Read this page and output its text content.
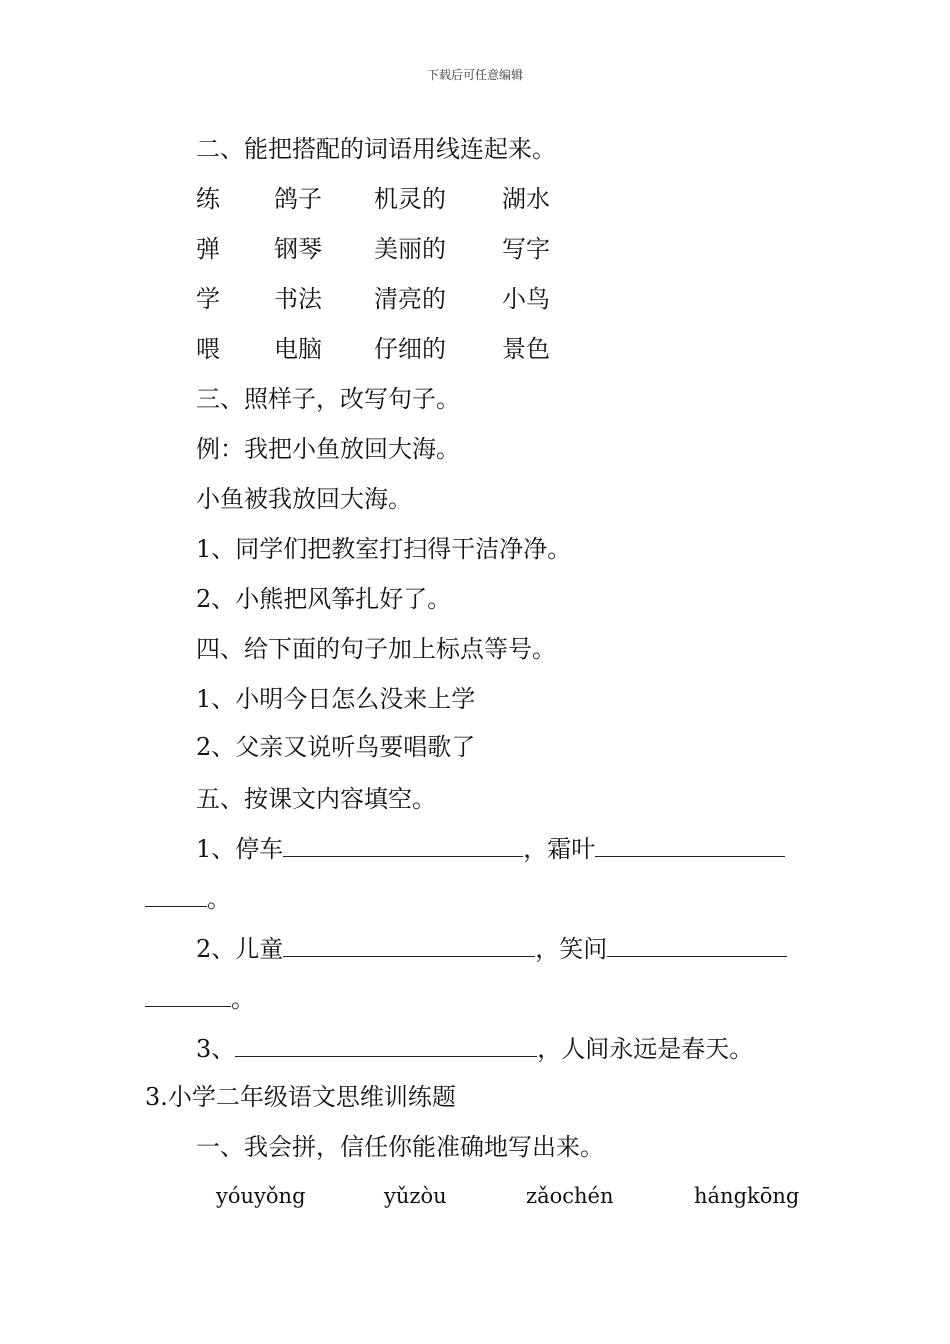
下载后可任意编辑
二、能把搭配的词语用线连起来。
练 鸽子 机灵的 湖水
弹 钢琴 美丽的 写字
学 书法 清亮的 小鸟
喂 电脑 仔细的 景色
三、照样子，改写句子。
例：我把小鱼放回大海。
小鱼被我放回大海。
1、同学们把教室打扫得干洁净净。
2、小熊把风筝扎好了。
四、给下面的句子加上标点等号。
1、小明今日怎么没来上学
2、父亲又说听鸟要唱歌了
五、按课文内容填空。
1、停车	，霜叶
。
2、儿童	，笑问
。
3、	，人间永远是春天。
3.小学二年级语文思维训练题
一、我会拼，信任你能准确地写出来。
yóuyǒng	yǔzòu	zǎochén	hángkōng
